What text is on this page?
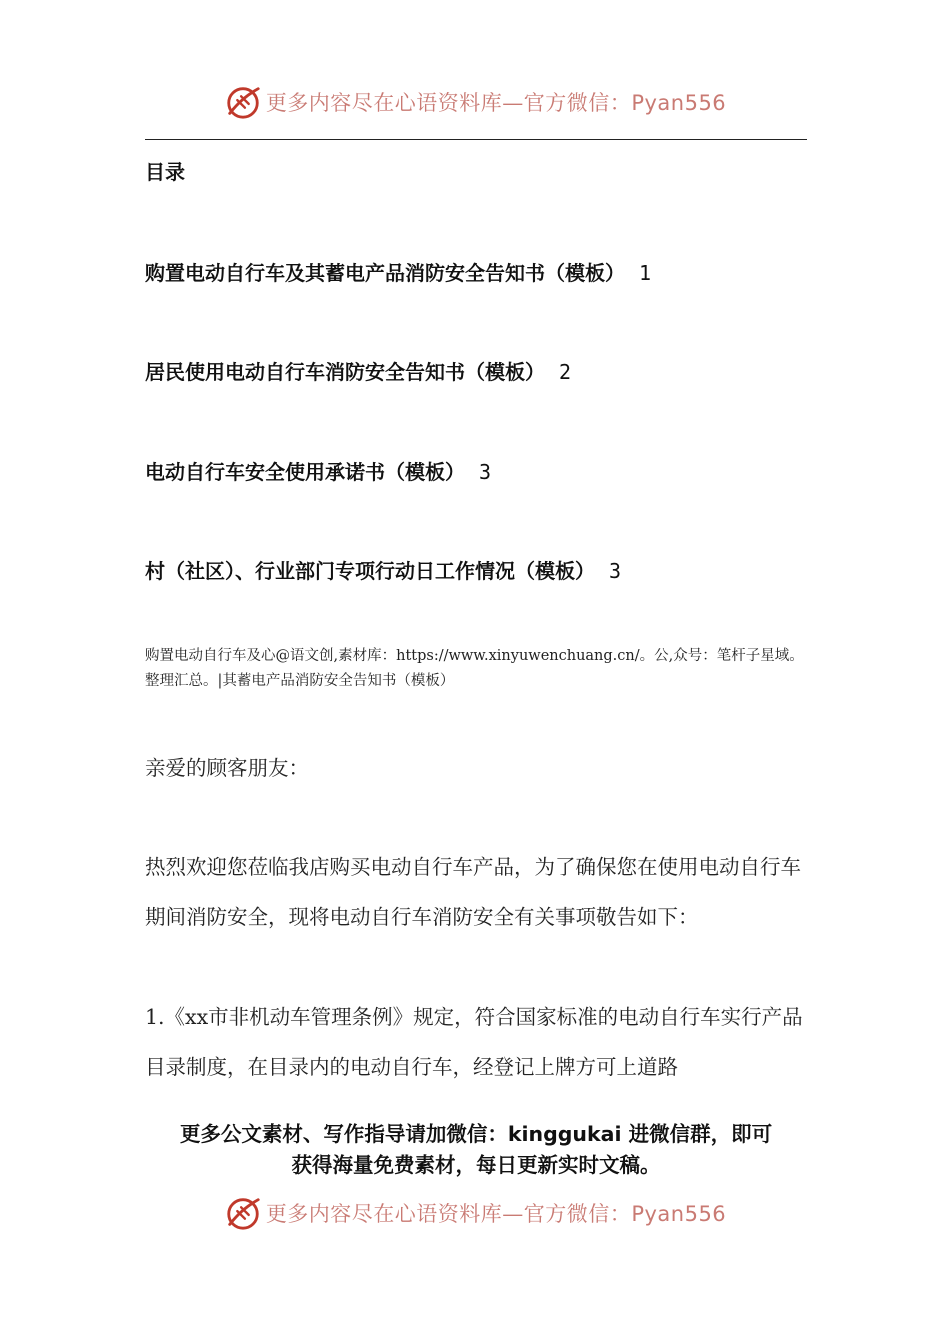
更多内容尽在心语资料库—官方微信：Pyan556
目录
购置电动自行车及其蓄电产品消防安全告知书（模板） 1
居民使用电动自行车消防安全告知书（模板） 2
电动自行车安全使用承诺书（模板） 3
村（社区）、行业部门专项行动日工作情况（模板） 3
购置电动自行车及心@语文创,素材库：https://www.xinyuwenchuang.cn/。公,众号：笔杆子星域。整理汇总。|其蓄电产品消防安全告知书（模板）
亲爱的顾客朋友：
热烈欢迎您莅临我店购买电动自行车产品，为了确保您在使用电动自行车期间消防安全，现将电动自行车消防安全有关事项敬告如下：
1.《xx市非机动车管理条例》规定，符合国家标准的电动自行车实行产品目录制度，在目录内的电动自行车，经登记上牌方可上道路
更多公文素材、写作指导请加微信：kinggukai 进微信群，即可
获得海量免费素材，每日更新实时文稿。
更多内容尽在心语资料库—官方微信：Pyan556
